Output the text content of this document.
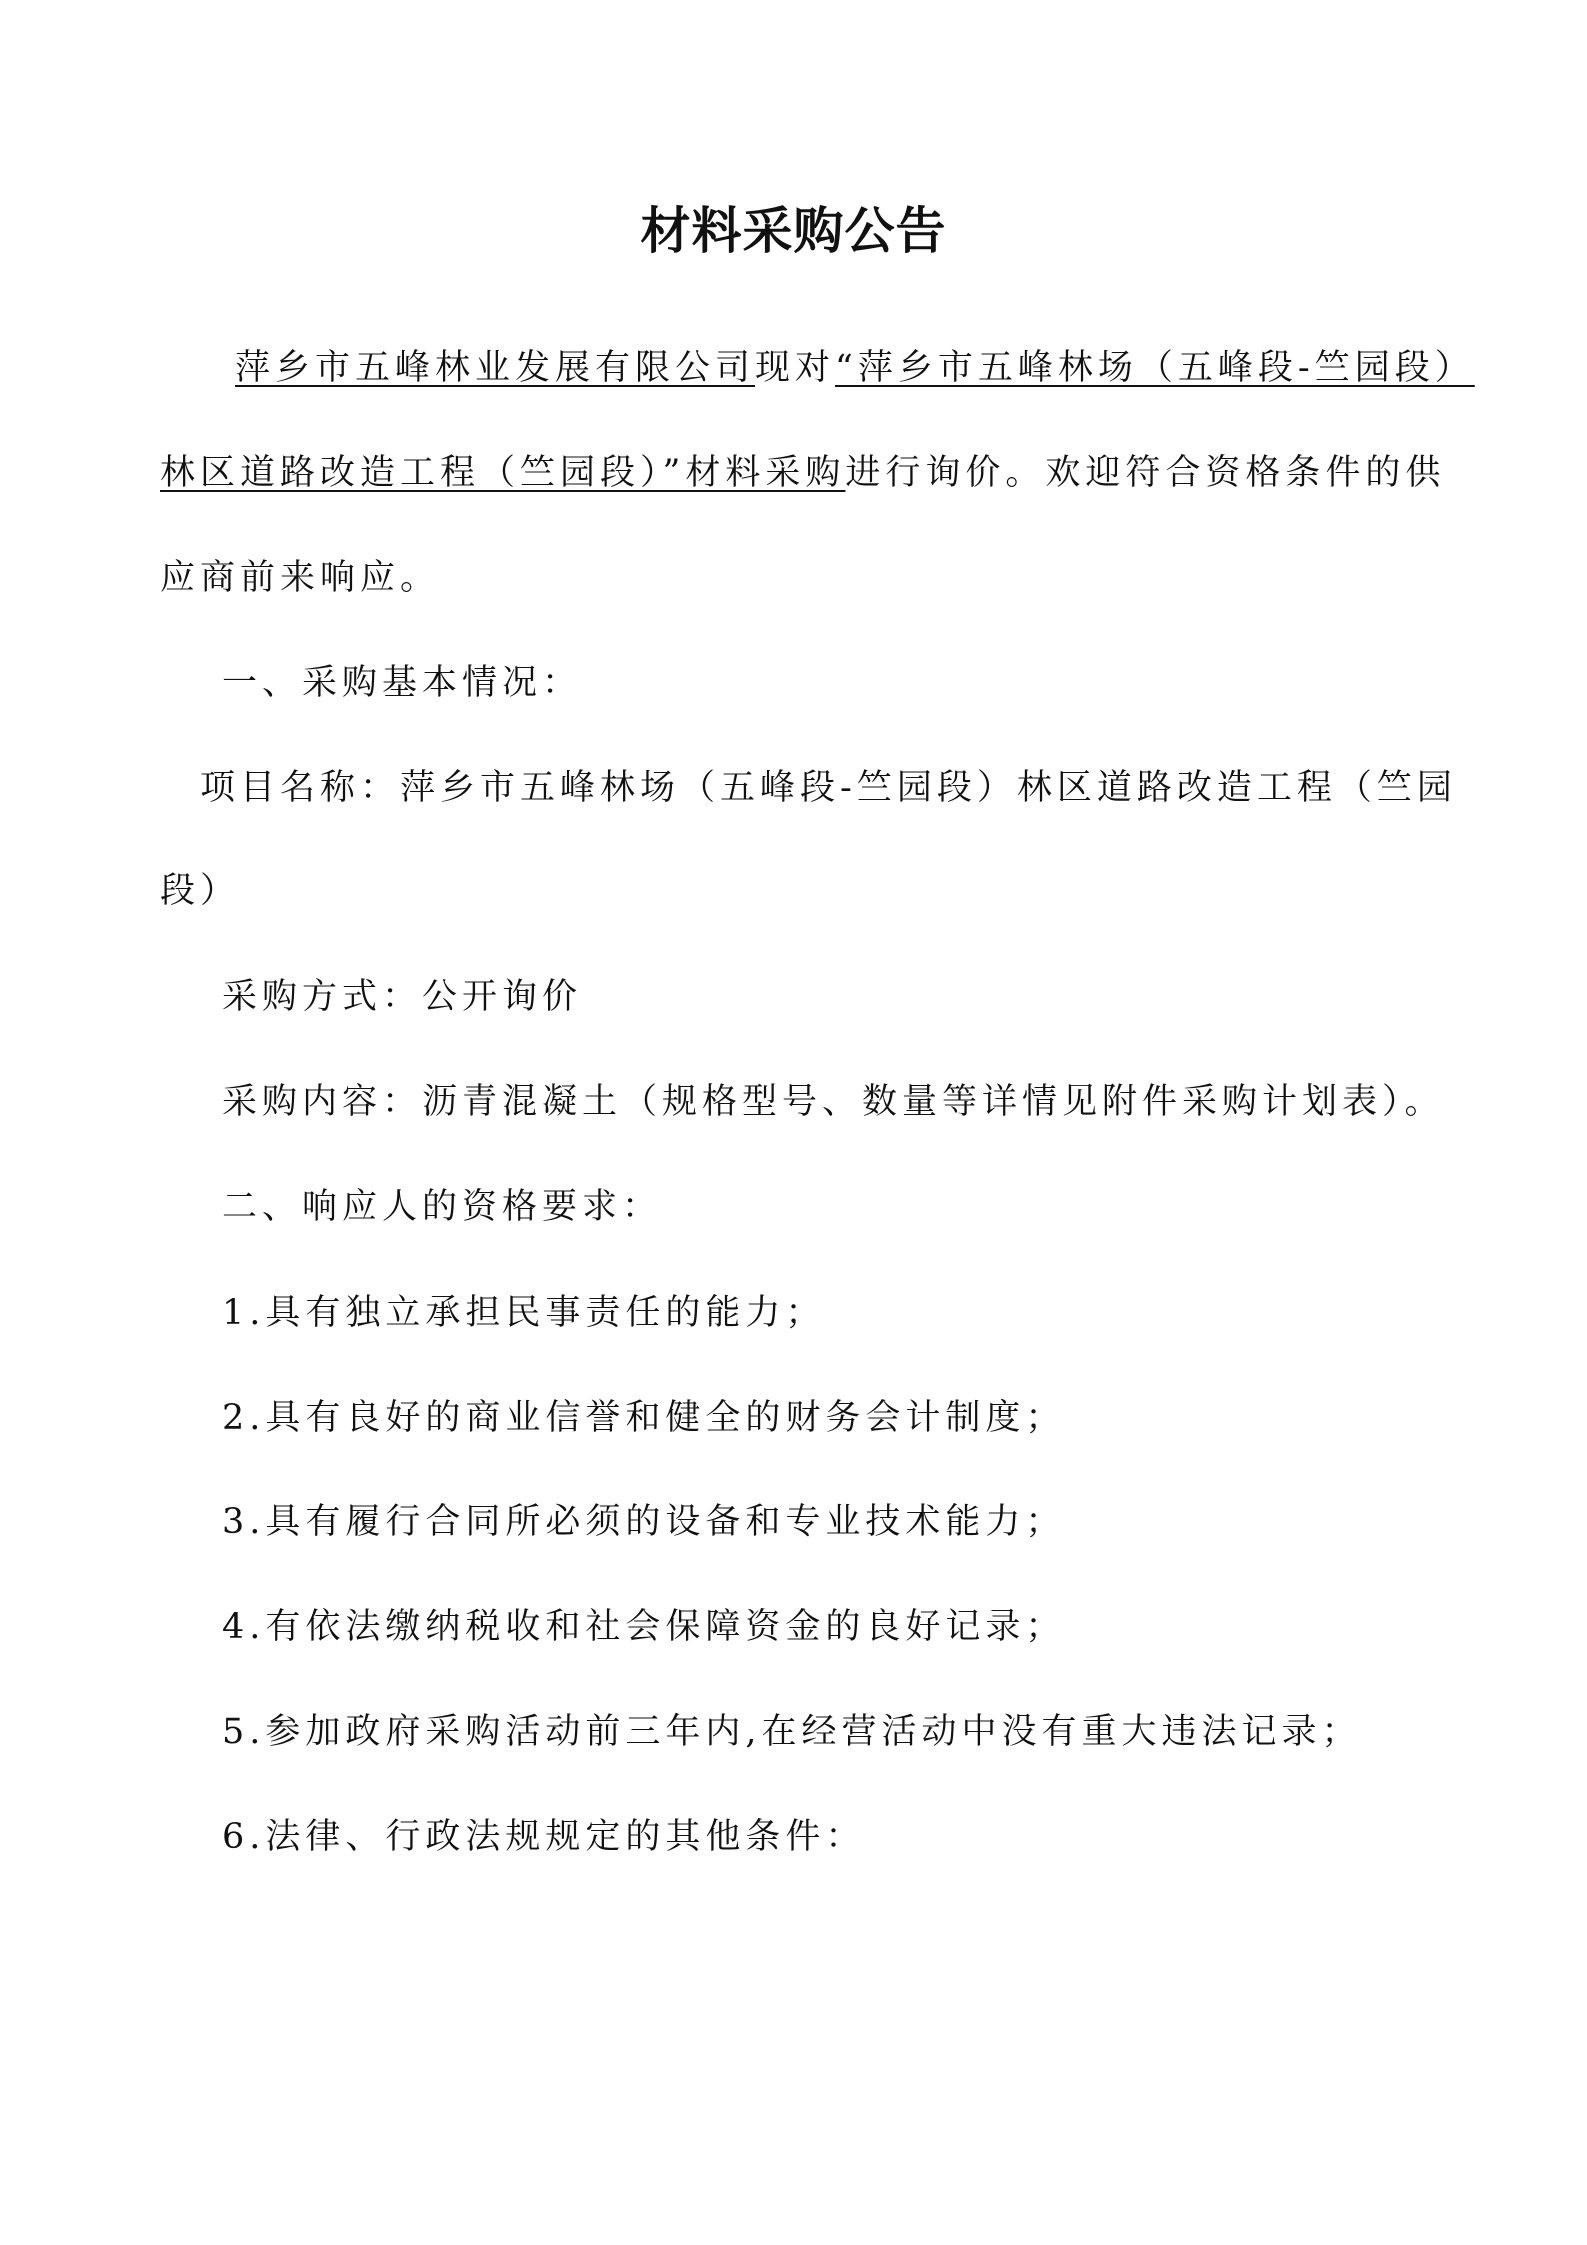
材料采购公告
萍乡市五峰林业发展有限公司现对“萍乡市五峰林场（五峰段-竺园段）
林区道路改造工程（竺园段）”材料采购进行询价。欢迎符合资格条件的供
应商前来响应。
一、采购基本情况：
项目名称：萍乡市五峰林场（五峰段-竺园段）林区道路改造工程（竺园
段）
采购方式：公开询价
采购内容：沥青混凝土（规格型号、数量等详情见附件采购计划表）。
二、响应人的资格要求：
1.具有独立承担民事责任的能力；
2.具有良好的商业信誉和健全的财务会计制度；
3.具有履行合同所必须的设备和专业技术能力；
4.有依法缴纳税收和社会保障资金的良好记录；
5.参加政府采购活动前三年内,在经营活动中没有重大违法记录；
6.法律、行政法规规定的其他条件：
